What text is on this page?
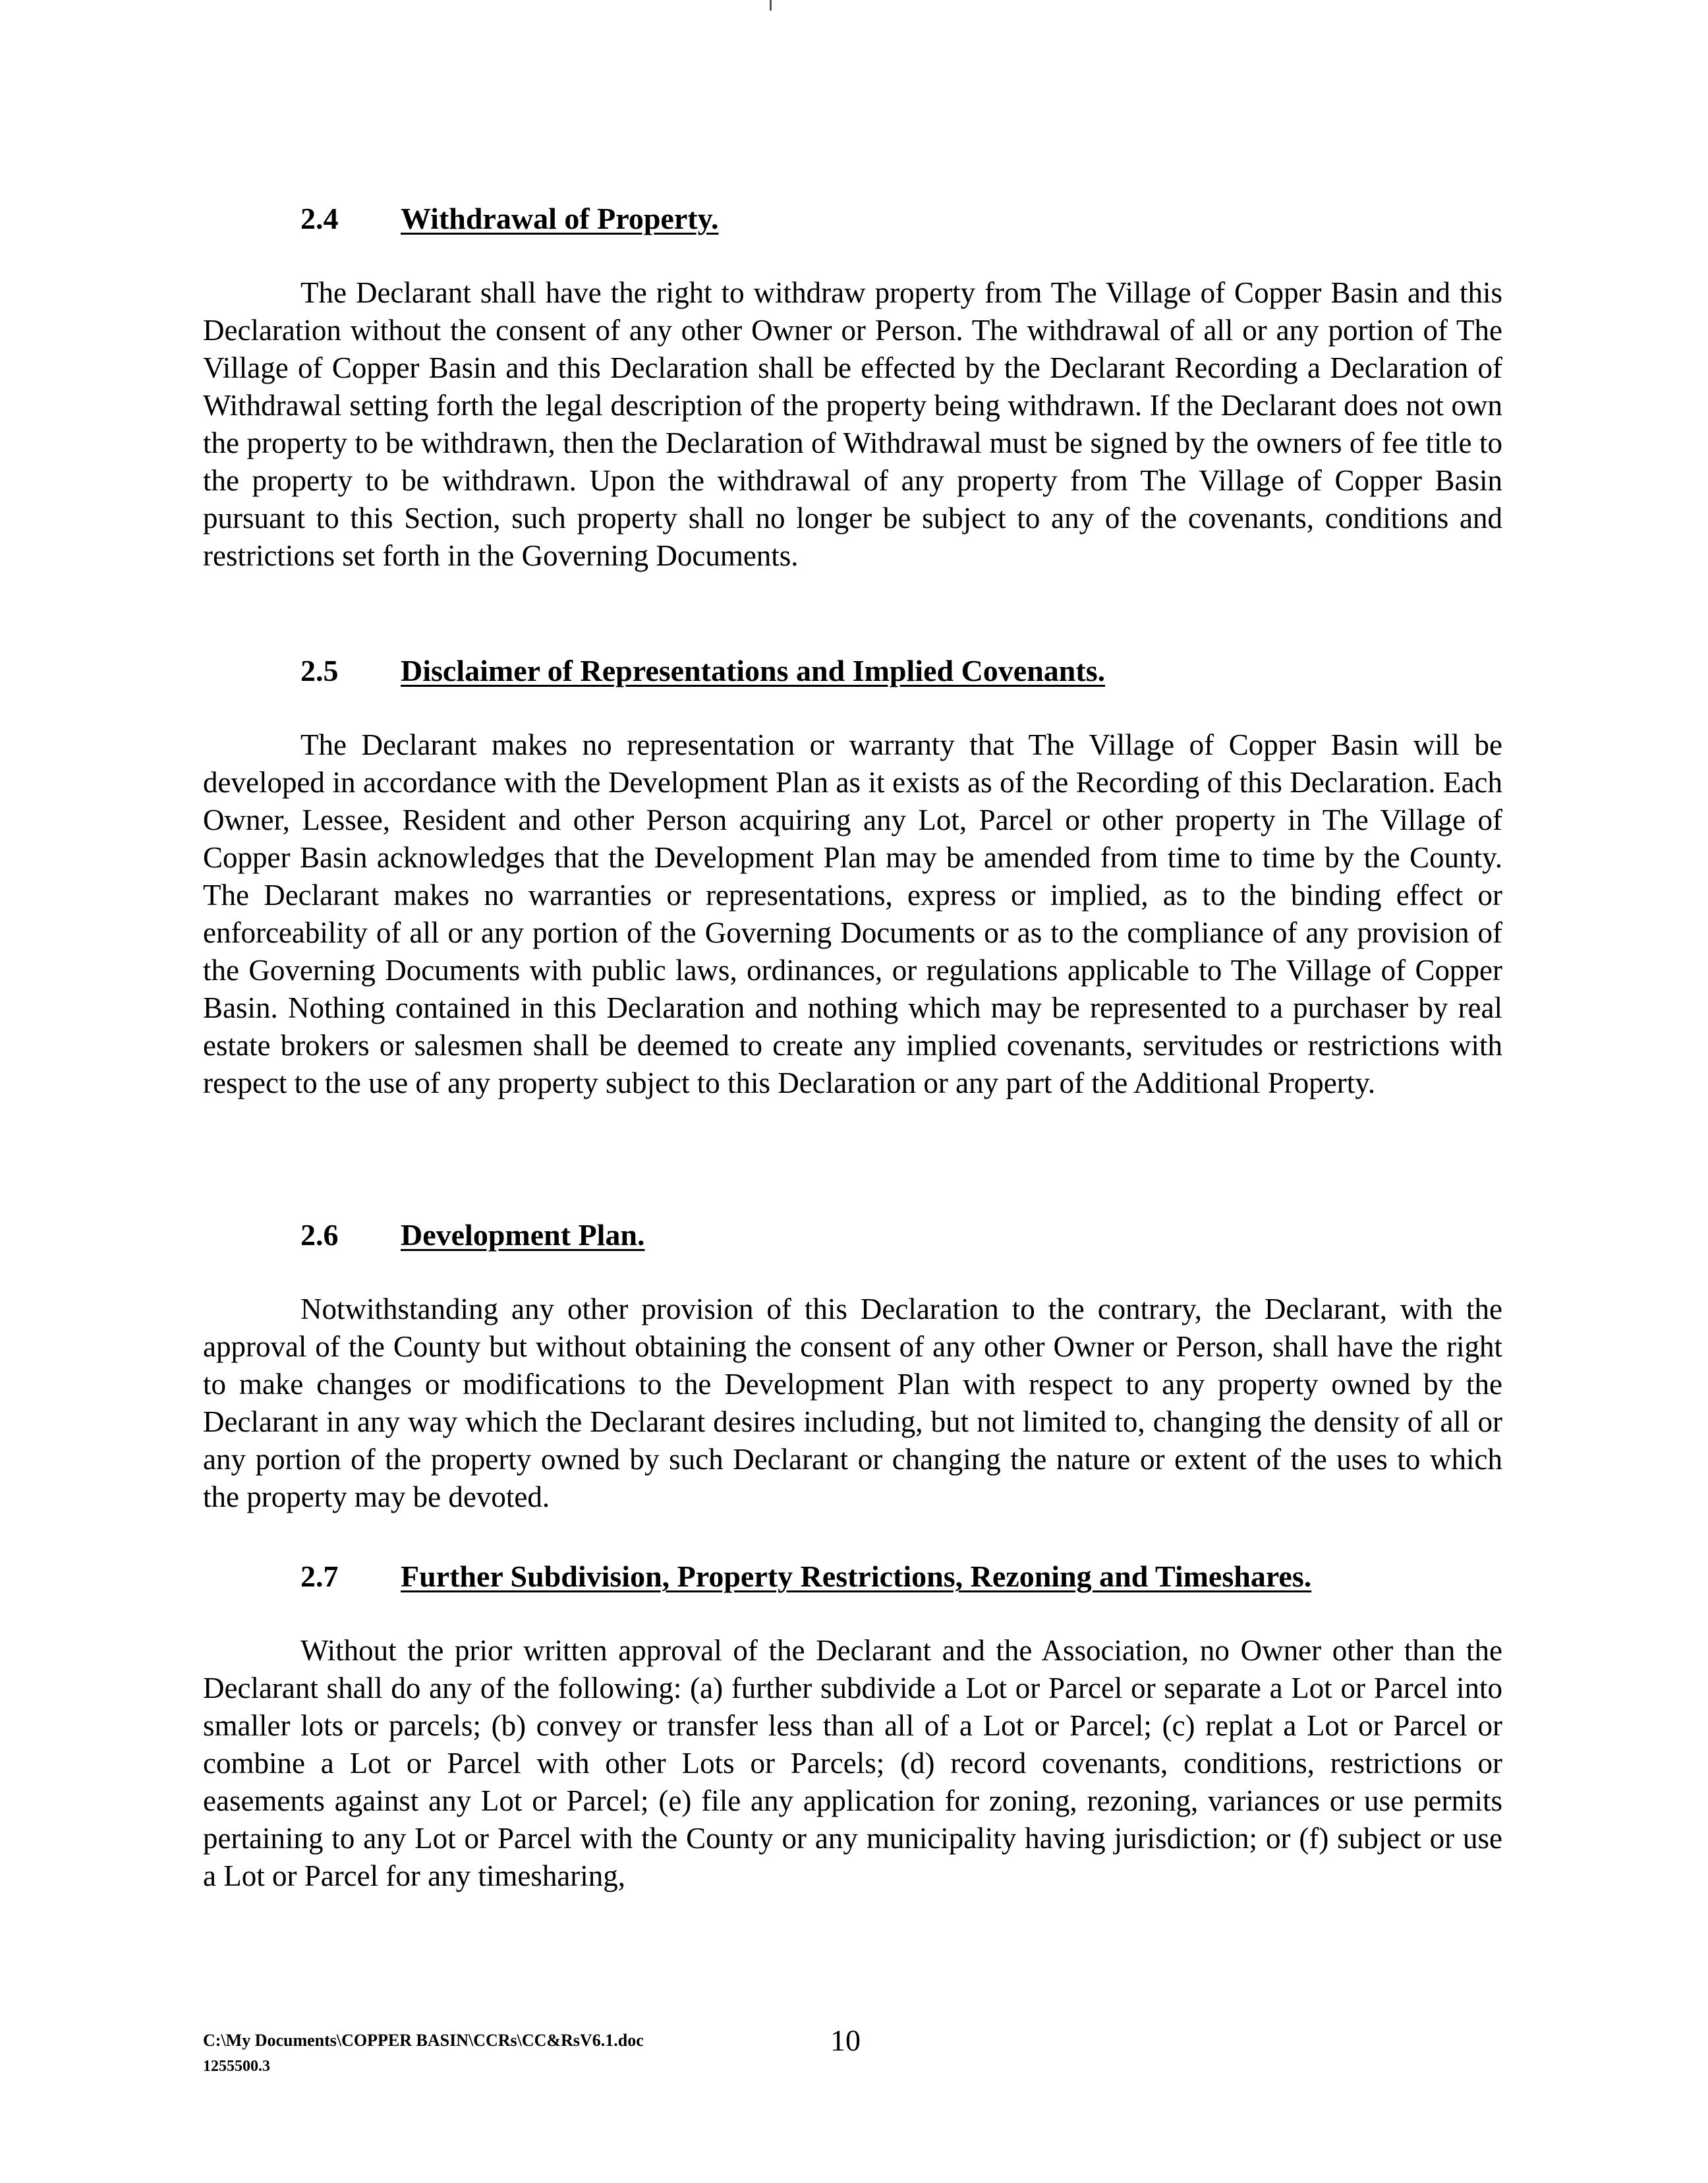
2.4 Withdrawal of Property.

The Declarant shall have the right to withdraw property from The Village of Copper Basin and this Declaration without the consent of any other Owner or Person. The withdrawal of all or any portion of The Village of Copper Basin and this Declaration shall be effected by the Declarant Recording a Declaration of Withdrawal setting forth the legal description of the property being withdrawn. If the Declarant does not own the property to be withdrawn, then the Declaration of Withdrawal must be signed by the owners of fee title to the property to be withdrawn. Upon the withdrawal of any property from The Village of Copper Basin pursuant to this Section, such property shall no longer be subject to any of the covenants, conditions and restrictions set forth in the Governing Documents.

2.5 Disclaimer of Representations and Implied Covenants.

The Declarant makes no representation or warranty that The Village of Copper Basin will be developed in accordance with the Development Plan as it exists as of the Recording of this Declaration. Each Owner, Lessee, Resident and other Person acquiring any Lot, Parcel or other property in The Village of Copper Basin acknowledges that the Development Plan may be amended from time to time by the County. The Declarant makes no warranties or representations, express or implied, as to the binding effect or enforceability of all or any portion of the Governing Documents or as to the compliance of any provision of the Governing Documents with public laws, ordinances, or regulations applicable to The Village of Copper Basin. Nothing contained in this Declaration and nothing which may be represented to a purchaser by real estate brokers or salesmen shall be deemed to create any implied covenants, servitudes or restrictions with respect to the use of any property subject to this Declaration or any part of the Additional Property.

2.6 Development Plan.

Notwithstanding any other provision of this Declaration to the contrary, the Declarant, with the approval of the County but without obtaining the consent of any other Owner or Person, shall have the right to make changes or modifications to the Development Plan with respect to any property owned by the Declarant in any way which the Declarant desires including, but not limited to, changing the density of all or any portion of the property owned by such Declarant or changing the nature or extent of the uses to which the property may be devoted.

2.7 Further Subdivision, Property Restrictions, Rezoning and Timeshares.

Without the prior written approval of the Declarant and the Association, no Owner other than the Declarant shall do any of the following: (a) further subdivide a Lot or Parcel or separate a Lot or Parcel into smaller lots or parcels; (b) convey or transfer less than all of a Lot or Parcel; (c) replat a Lot or Parcel or combine a Lot or Parcel with other Lots or Parcels; (d) record covenants, conditions, restrictions or easements against any Lot or Parcel; (e) file any application for zoning, rezoning, variances or use permits pertaining to any Lot or Parcel with the County or any municipality having jurisdiction; or (f) subject or use a Lot or Parcel for any timesharing,

C:\My Documents\COPPER BASIN\CCRs\CC&RsV6.1.doc
1255500.3
10
